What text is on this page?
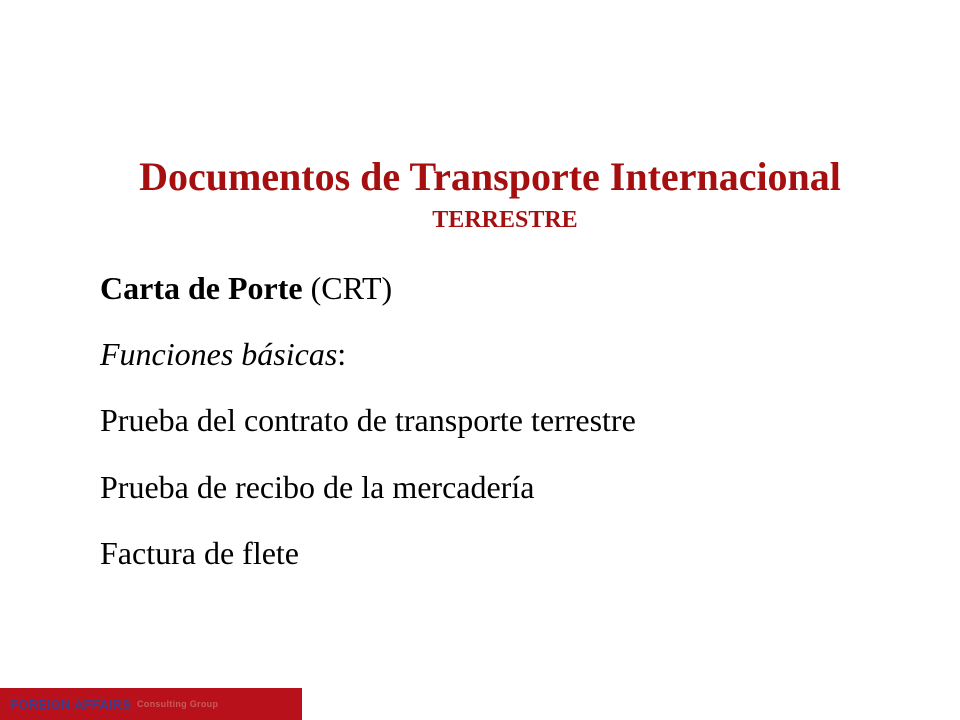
Documentos de Transporte Internacional
TERRESTRE
Carta de Porte (CRT)
Funciones básicas:
Prueba del contrato de transporte terrestre
Prueba de recibo de la mercadería
Factura de flete
FOREIGN AFFAIRS Consulting Group
